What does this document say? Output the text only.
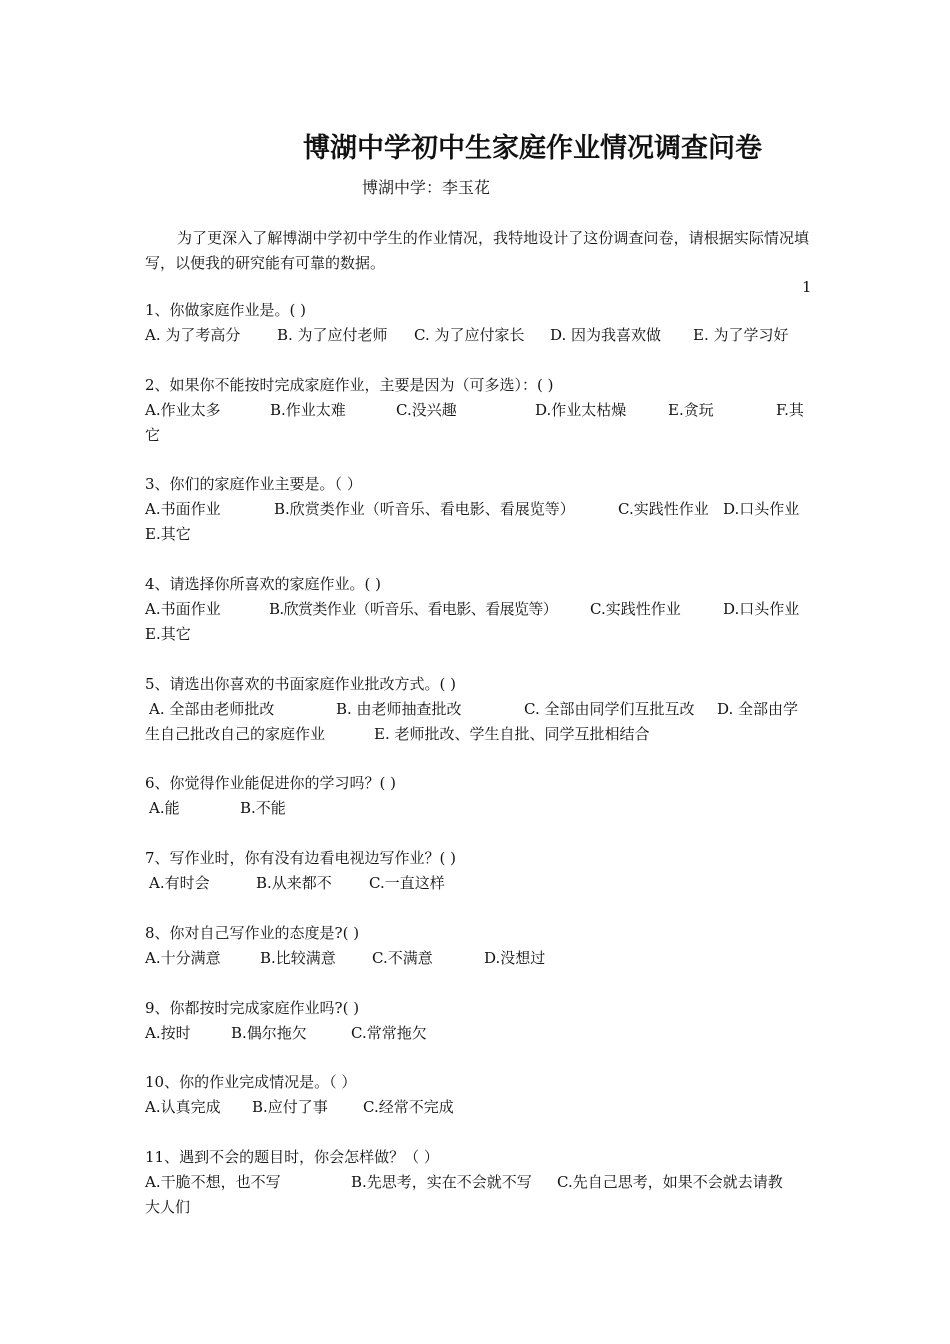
博湖中学初中生家庭作业情况调查问卷
博湖中学：李玉花
为了更深入了解博湖中学初中学生的作业情况，我特地设计了这份调查问卷，请根据实际情况填写，以便我的研究能有可靠的数据。
1
1、你做家庭作业是。( )
A. 为了考高分 B. 为了应付老师 C. 为了应付家长 D. 因为我喜欢做 E. 为了学习好
2、如果你不能按时完成家庭作业，主要是因为（可多选）：( )
A.作业太多	B.作业太难	C.没兴趣	D.作业太枯燥	E.贪玩	F.其
它
3、你们的家庭作业主要是。（ ）
A.书面作业	B.欣赏类作业（听音乐、看电影、看展览等）	C.实践性作业 D.口头作业
E.其它
4、请选择你所喜欢的家庭作业。( )
A.书面作业	B.欣赏类作业（听音乐、看电影、看展览等） C.实践性作业	D.口头作业
E.其它
5、请选出你喜欢的书面家庭作业批改方式。( )
A. 全部由老师批改	B. 由老师抽查批改	C. 全部由同学们互批互改 D. 全部由学
生自己批改自己的家庭作业	E. 老师批改、学生自批、同学互批相结合
6、你觉得作业能促进你的学习吗？( )
A.能	B.不能
7、写作业时，你有没有边看电视边写作业？( )
A.有时会	B.从来都不 C.一直这样
8、你对自己写作业的态度是?( )
A.十分满意	B.比较满意 C.不满意	D.没想过
9、你都按时完成家庭作业吗?( )
A.按时	B.偶尔拖欠	C.常常拖欠
10、你的作业完成情况是。（ ）
A.认真完成 B.应付了事 C.经常不完成
11、遇到不会的题目时，你会怎样做？（ ）
A.干脆不想，也不写	B.先思考，实在不会就不写 C.先自己思考，如果不会就去请教
大人们
